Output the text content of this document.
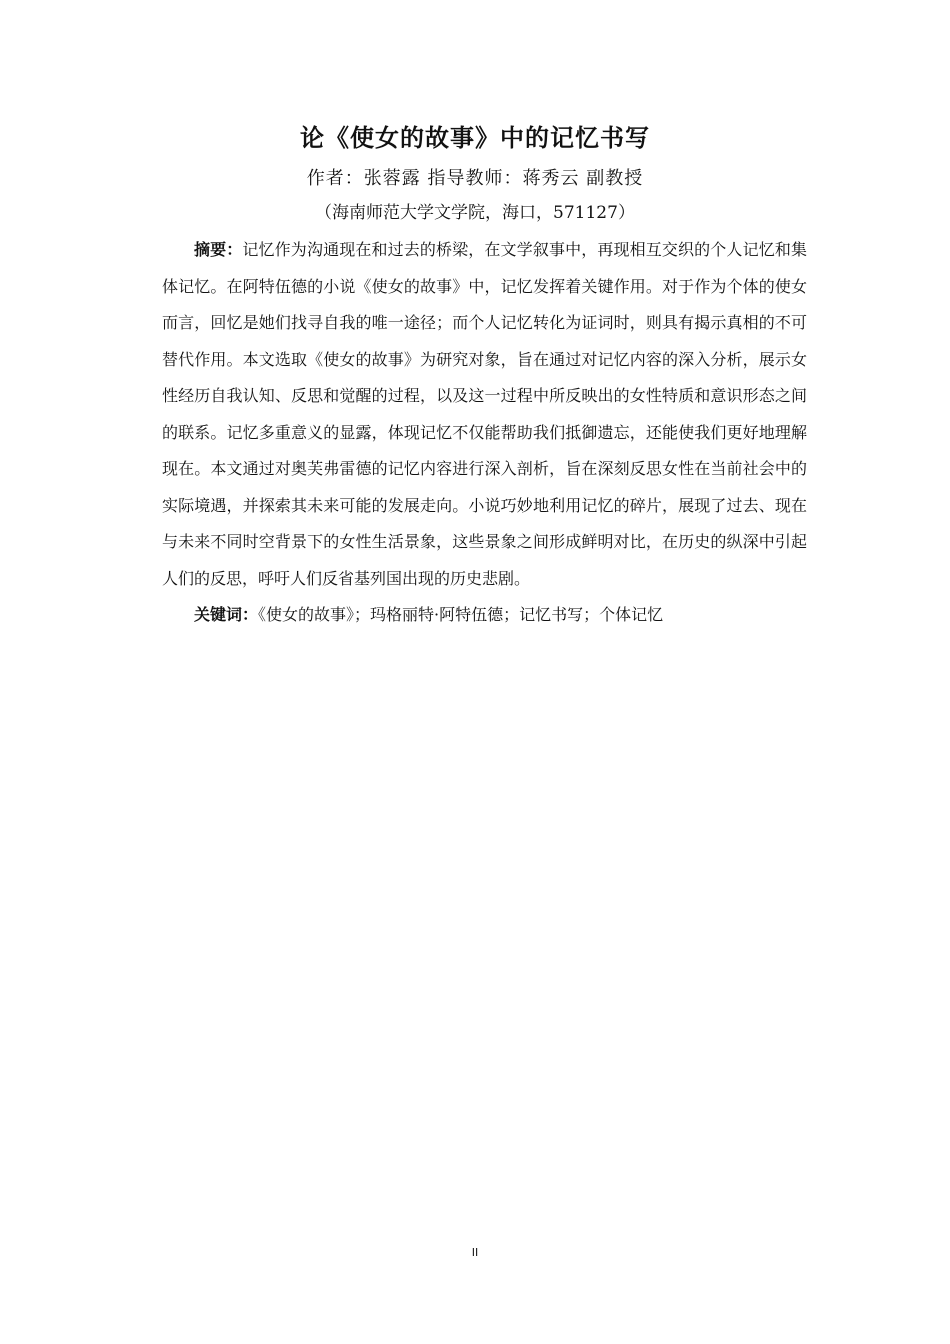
论《使女的故事》中的记忆书写
作者：张蓉露 指导教师：蒋秀云 副教授
（海南师范大学文学院，海口，571127）

摘要：记忆作为沟通现在和过去的桥梁，在文学叙事中，再现相互交织的个人记忆和集体记忆。在阿特伍德的小说《使女的故事》中，记忆发挥着关键作用。对于作为个体的使女而言，回忆是她们找寻自我的唯一途径；而个人记忆转化为证词时，则具有揭示真相的不可替代作用。本文选取《使女的故事》为研究对象，旨在通过对记忆内容的深入分析，展示女性经历自我认知、反思和觉醒的过程，以及这一过程中所反映出的女性特质和意识形态之间的联系。记忆多重意义的显露，体现记忆不仅能帮助我们抵御遗忘，还能使我们更好地理解现在。本文通过对奥芙弗雷德的记忆内容进行深入剖析，旨在深刻反思女性在当前社会中的实际境遇，并探索其未来可能的发展走向。小说巧妙地利用记忆的碎片，展现了过去、现在与未来不同时空背景下的女性生活景象，这些景象之间形成鲜明对比，在历史的纵深中引起人们的反思，呼吁人们反省基列国出现的历史悲剧。

关键词：《使女的故事》；玛格丽特·阿特伍德；记忆书写；个体记忆

II
